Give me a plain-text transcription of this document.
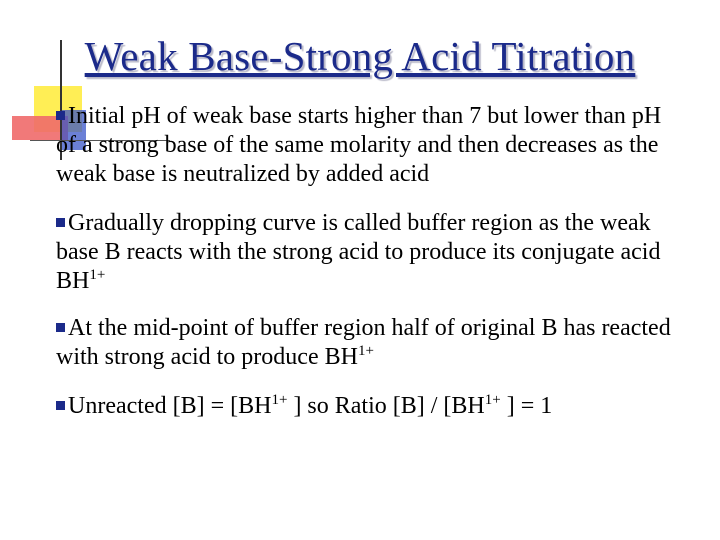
Weak Base-Strong Acid Titration
Initial pH of weak base starts higher than 7 but lower than pH of a strong base of the same molarity and then decreases as the weak base is neutralized by added acid
Gradually dropping curve is called buffer region as the weak base B reacts with the strong acid to produce its conjugate acid $BH^{1+}$
At the mid-point of buffer region half of original B has reacted with strong acid to produce $BH^{1+}$
Unreacted $[B] = [BH^{1+}$ ] so Ratio $[B] / [BH^{1+}$ ] = 1
